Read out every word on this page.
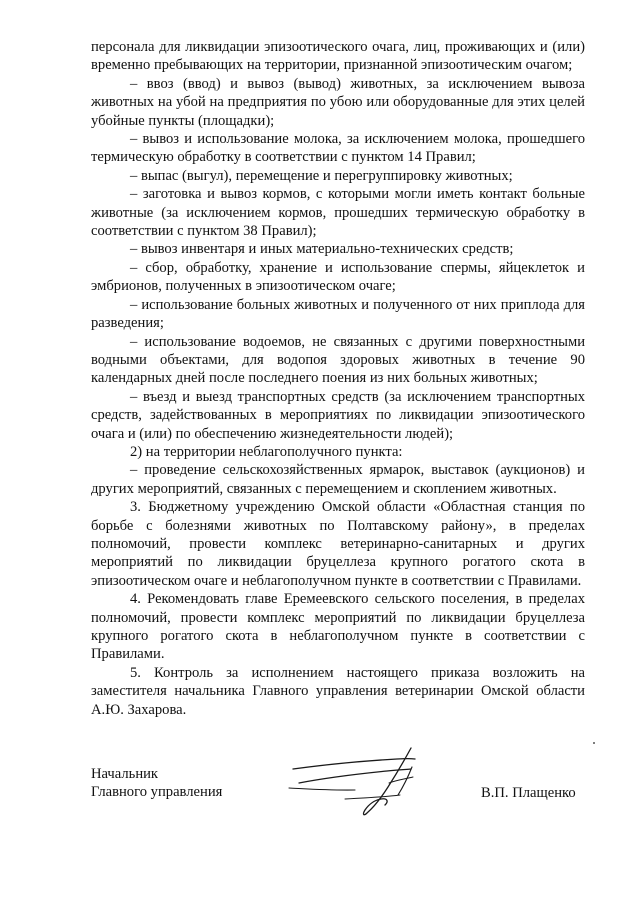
персонала для ликвидации эпизоотического очага, лиц, проживающих и (или) временно пребывающих на территории, признанной эпизоотическим очагом;

– ввоз (ввод) и вывоз (вывод) животных, за исключением вывоза животных на убой на предприятия по убою или оборудованные для этих целей убойные пункты (площадки);

– вывоз и использование молока, за исключением молока, прошедшего термическую обработку в соответствии с пунктом 14 Правил;

– выпас (выгул), перемещение и перегруппировку животных;

– заготовка и вывоз кормов, с которыми могли иметь контакт больные животные (за исключением кормов, прошедших термическую обработку в соответствии с пунктом 38 Правил);

– вывоз инвентаря и иных материально-технических средств;

– сбор, обработку, хранение и использование спермы, яйцеклеток и эмбрионов, полученных в эпизоотическом очаге;

– использование больных животных и полученного от них приплода для разведения;

– использование водоемов, не связанных с другими поверхностными водными объектами, для водопоя здоровых животных в течение 90 календарных дней после последнего поения из них больных животных;

– въезд и выезд транспортных средств (за исключением транспортных средств, задействованных в мероприятиях по ликвидации эпизоотического очага и (или) по обеспечению жизнедеятельности людей);

2) на территории неблагополучного пункта:

– проведение сельскохозяйственных ярмарок, выставок (аукционов) и других мероприятий, связанных с перемещением и скоплением животных.

3. Бюджетному учреждению Омской области «Областная станция по борьбе с болезнями животных по Полтавскому району», в пределах полномочий, провести комплекс ветеринарно-санитарных и других мероприятий по ликвидации бруцеллеза крупного рогатого скота в эпизоотическом очаге и неблагополучном пункте в соответствии с Правилами.

4. Рекомендовать главе Еремеевского сельского поселения, в пределах полномочий, провести комплекс мероприятий по ликвидации бруцеллеза крупного рогатого скота в неблагополучном пункте в соответствии с Правилами.

5. Контроль за исполнением настоящего приказа возложить на заместителя начальника Главного управления ветеринарии Омской области А.Ю. Захарова.

Начальник
Главного управления	В.П. Плащенко
